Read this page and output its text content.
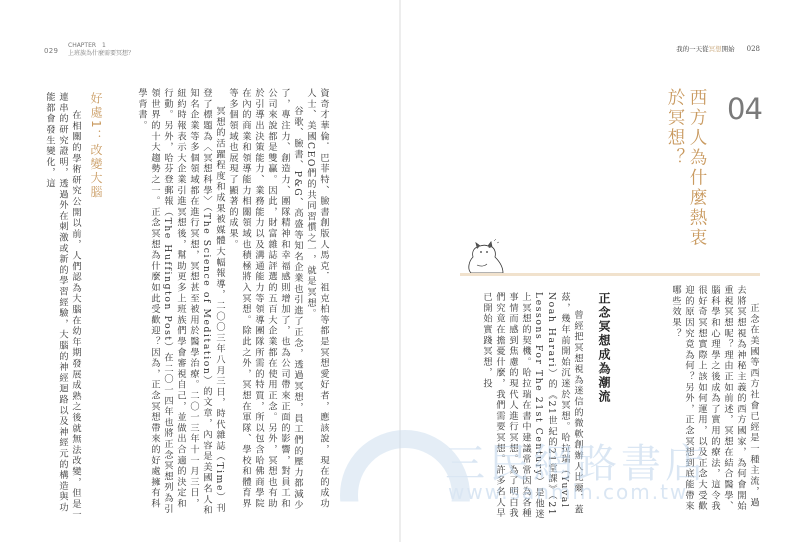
029
CHAPTER　1
上班族為什麼需要冥想？

資奇才華倫．巴菲特、臉書創版人馬克．祖克柏等都是冥想愛好者，應該說，現在的成功人士、美國CEO們的共同習慣之一，就是冥想。

谷歌、臉書、P&G、高盛等知名企業也引進了正念，透過冥想，員工們的壓力都減少了，專注力、創造力、團隊精神和幸福感則增加了，也為公司帶來正面的影響，對員工和公司來說都是雙贏。因此，財富雜誌評選的五百大企業都在使用正念。另外，冥想也有助於引導出決策能力、業務能力以及溝通能力等領導團隊所需的特質，所以包含哈佛商學院在內的商業和領導能力相關領域也積極將入冥想。除此之外，冥想在軍隊、學校和體育界等多個領域也展現了顯著的成果。

冥想的活躍程度和成果被媒體大幅報導，二〇〇三年八月三日，時代雜誌（Time）刊登了標題為〈冥想科學〉（The Science of Meditation）的文章，內容是美國名人和知名企業等多個領域都在進行冥想，冥想甚至被用於醫學治療。二〇一三年十一月三日，紐約時報表示大企業引進冥想後，幫助更多上班族們學會審視自己，並做出合適的決定和行動。另外，哈芬登郵報（The Huffington Post）在二〇一四年也將正念冥想列為引領世界的十大趨勢之一。正念冥想為什麼如此受歡迎？因為，正念冥想帶來的好處擁有科學背書。

好處1：改變大腦

在相關的學術研究公開以前，人們認為大腦在幼年期發展成熟之後就無法改變，但是一連串的研究證明，透過外在刺激或新的學習經驗，大腦的神經迴路以及神經元的構造與功能都會發生變化，這

我的一天從冥想開始 028
04
西方人為什麼熱衷於冥想？

正念在美國等西方社會已經是一種主流，過去將冥想視為神秘主義的西方國家，為何會開始重視冥想呢？理由正如前述，冥想在結合醫學、腦科學和心理學之後成為了實用的療法，這令我很好奇冥想實際上該如何運用，以及正念大受歡迎的原因究竟為何？另外，正念冥想到底能帶來哪些效果？

正念冥想成為潮流

曾經把冥想視為迷信的微軟創辦人比爾．蓋茲，幾年前開始沉迷於冥想。哈拉瑞（Yuval Noah Harari）的《21世紀的21堂課》（21 Lessons For The 21st Century）是他迷上冥想的契機。哈拉瑞在書中建議常常因為各種事情而感到焦慮的現代人進行冥想。為了明白我們究竟在擔憂什麼，我們需要冥想。許多名人早已開始實踐冥想，投

三民網路書店
www.sanmin.com.tw
